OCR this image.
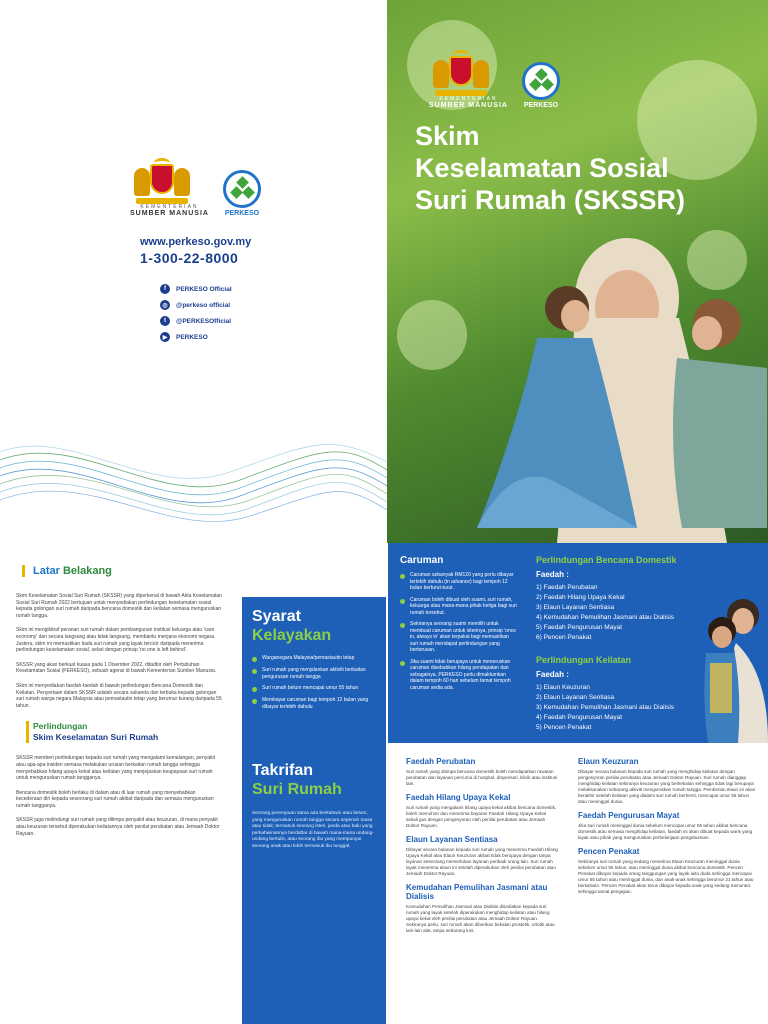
KEMENTERIAN
SUMBER MANUSIA PERKESO
www.perkeso.gov.my
1-300-22-8000
f	PERKESO Official
◎	@perkeso official
t	@PERKESOfficial
▶	PERKESO
KEMENTERIAN
SUMBER MANUSIA PERKESO
Skim
Keselamatan Sosial
Suri Rumah (SKSSR)
Latar Belakang

Skim Keselamatan Sosial Suri Rumah (SKSSR) yang diperkenal di bawah Akta Keselamatan Sosial Suri Rumah 2022 bertujuan untuk menyediakan perlindungan keselamatan sosial kepada golongan suri rumah daripada bencana domestik dan keilatan semasa menguruskan rumah tangga.

Skim ini mengiktiraf peranan suri rumah dalam pembangunan institusi keluarga atau 'care economy' dan secara langsung atau tidak langsung, membantu menjana ekonomi negara. Justeru, skim ini memastikan tiada suri rumah yang layak tercicir daripada menerima perlindungan keselamatan sosial, selari dengan prinsip 'no one is left behind'.

SKSSR yang akan berkuat kuasa pada 1 Disember 2022, ditadbir oleh Pertubuhan Keselamatan Sosial (PERKESO), sebuah agensi di bawah Kementerian Sumber Manusia.

Skim ini menyediakan faedah-faedah di bawah perlindungan Bencana Domestik dan Keilatan. Penyertaan dalam SKSSR adalah secara sukarela dan terbuka kepada golongan suri rumah warga negara Malaysia atau pemastautin tetap yang berumur kurang daripada 55 tahun.

Perlindungan
Skim Keselamatan Suri Rumah

SKSSR memberi perlindungan kepada suri rumah yang mengalami kemalangan, penyakit atau apa-apa insiden semasa melakukan urusan berkaitan rumah tangga sehingga menyebabkan hilang upaya kekal atau keilatan yang menjejaskan keupayaan suri rumah untuk menguruskan rumah tangganya.

Bencana domestik boleh berlaku di dalam atau di luar rumah yang menyebabkan kecederaan diri kepada seseorang suri rumah akibat daripada dan semasa menguruskan rumah tangganya.

SKSSR juga melindungi suri rumah yang ditimpa penyakit atau keuzuran, di mana penyakit atau keuzuran tersebut diperakukan keilatannya oleh penilai perubatan atau Jemaah Doktor Rayuan.

Syarat
Kelayakan
Warganegara Malaysia/pemastautin tetap
Suri rumah yang menjalankan aktiviti berkaitan pengurusan rumah tangga
Suri rumah belum mencapai umur 55 tahun
Membayar caruman bagi tempoh 12 bulan yang dibayar terlebih dahulu
Takrifan
Suri Rumah

Seorang perempuan sama ada berkahwin atau belum, yang menguruskan rumah tangga secara sepenuh masa atau tidak; termasuk seorang isteri, janda atau balu yang perkahwinannya berdaftar di bawah mana-mana undang-undang bertulis, atau seorang ibu yang mempunyai seorang anak atau lebih termasuk ibu tunggal.

Caruman
Caruman sebanyak RM120 yang perlu dibayar terlebih dahulu (in advance) bagi tempoh 12 bulan berturut-turut.
Caruman boleh dibuat oleh suami, suri rumah, keluarga atau mana-mana pihak ketiga bagi suri rumah tersebut.
Sekiranya seorang suami memilih untuk membuat caruman untuk isterinya, prinsip 'once in, always in' akan terpakai bagi memastikan suri rumah mendapat perlindungan yang berterusan.
Jika suami tidak berupaya untuk meneruskan caruman disebabkan hilang pendapatan dan sebagainya, PERKESO perlu dimaklumkan dalam tempoh 60 hari sebelum tamat tempoh caruman sedia ada.
Perlindungan Bencana Domestik
Faedah :
1) Faedah Perubatan
2) Faedah Hilang Upaya Kekal
3) Elaun Layanan Sentiasa
4) Kemudahan Pemulihan Jasmani atau Dialisis
5) Faedah Pengurusan Mayat
6) Pencen Penakat
Perlindungan Keilatan
Faedah :
1) Elaun Keuzuran
2) Elaun Layanan Sentiasa
3) Kemudahan Pemulihan Jasmani atau Dialisis
4) Faedah Pengurusan Mayat
5) Pencen Penakat
Faedah Perubatan

Suri rumah yang ditimpa bencana domestik boleh mendapatkan rawatan perubatan dan layanan percuma di hospital, dispensari, klinik atau institusi lain.

Faedah Hilang Upaya Kekal

Suri rumah yang mengalami hilang upaya kekal akibat bencana domestik, boleh memohon dan menerima bayaran Faedah Hilang Upaya Kekal sekali gus dengan pengesyoran oleh penilai perubatan atau Jemaah Doktor Rayuan.

Elaun Layanan Sentiasa

Dibayar secara bulanan kepada suri rumah yang menerima Faedah Hilang Upaya Kekal atau Elaun Keuzuran akibat tidak berupaya dengan tanpa layanan seseorang memerlukan layanan peribadi orang lain. Suri rumah layak menerima elaun ini setelah diperakukan oleh penilai perubatan atau Jemaah Doktor Rayuan.

Kemudahan Pemulihan Jasmani atau Dialisis

Kemudahan Pemulihan Jasmani atau Dialisis disediakan kepada suri rumah yang layak setelah diperakukan menghidap keilatan atau hilang upaya kekal oleh penilai perubatan atau Jemaah Doktor Rayuan. Sekiranya perlu, suri rumah akan diberikan bekalan prostetik, ortotik atau lain-lain alat, tanpa sebarang kos.

Elaun Keuzuran

Dibayar secara bulanan kepada suri rumah yang menghidap keilatan dengan pengesyoran penilai perubatan atau Jemaah Doktor Rayuan. Suri rumah dianggap menghidap keilatan sekiranya keuzuran yang berkekalan sehingga tidak lagi berupaya melaksanakan sebarang aktiviti menguruskan rumah tangga. Pemberian elaun ini akan berakhir setelah keilatan yang dialami suri rumah berhenti, mencapai umur 55 tahun atau meninggal dunia.

Faedah Pengurusan Mayat

Jika suri rumah meninggal dunia sebelum mencapai umur 55 tahun akibat bencana domestik atau semasa menghidap keilatan, faedah ini akan dibuat kepada waris yang layak atau pihak yang menguruskan perbelanjaan pengebumian.

Pencen Penakat

Sekiranya suri rumah yang sedang menerima Elaun Keuzuran meninggal dunia sebelum umur 55 tahun, atau meninggal dunia akibat bencana domestik. Pencen Penakat dibayar kepada orang tanggungan yang layak iaitu duda sehingga mencapai umur 55 tahun atau meninggal dunia, dan anak-anak sehingga berumur 21 tahun atau berkahwin. Pencen Penakat akan terus dibayar kepada anak yang sedang menuntut sehingga tamat pengajian.
